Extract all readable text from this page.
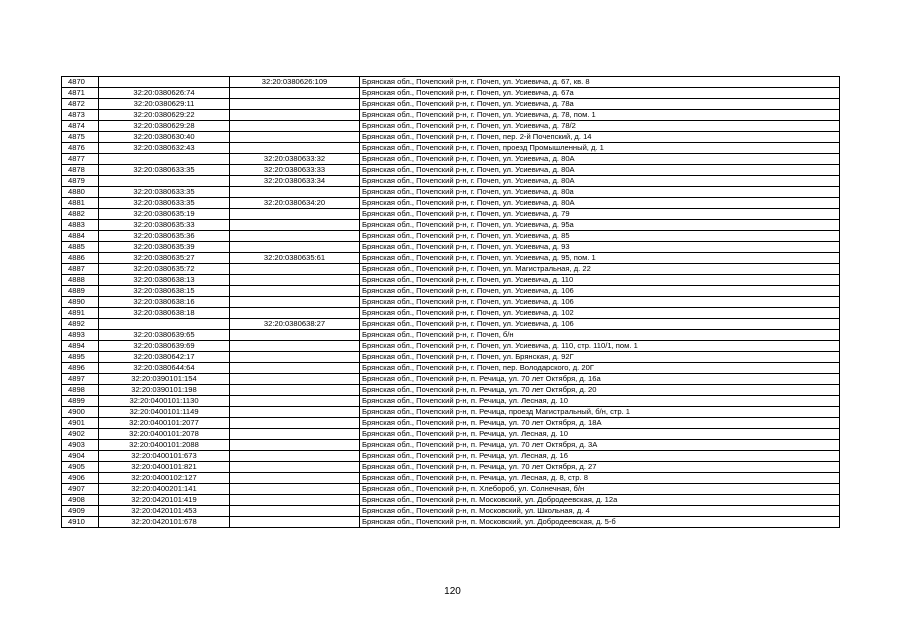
4870		32:20:0380626:109	Брянская обл., Почепский р-н, г. Почеп, ул. Усиевича, д. 67, кв. 8
4871	32:20:0380626:74		Брянская обл., Почепский р-н, г. Почеп, ул. Усиевича, д. 67а
4872	32:20:0380629:11		Брянская обл., Почепский р-н, г. Почеп, ул. Усиевича, д. 78а
4873	32:20:0380629:22		Брянская обл., Почепский р-н, г. Почеп, ул. Усиевича, д. 78, пом. 1
4874	32:20:0380629:28		Брянская обл., Почепский р-н, г. Почеп, ул. Усиевича, д. 78/2
4875	32:20:0380630:40		Брянская обл., Почепский р-н, г. Почеп, пер. 2-й Почепский, д. 14
4876	32:20:0380632:43		Брянская обл., Почепский р-н, г. Почеп, проезд Промышленный, д. 1
4877		32:20:0380633:32	Брянская обл., Почепский р-н, г. Почеп, ул. Усиевича, д. 80А
4878	32:20:0380633:35	32:20:0380633:33	Брянская обл., Почепский р-н, г. Почеп, ул. Усиевича, д. 80А
4879		32:20:0380633:34	Брянская обл., Почепский р-н, г. Почеп, ул. Усиевича, д. 80А
4880	32:20:0380633:35		Брянская обл., Почепский р-н, г. Почеп, ул. Усиевича, д. 80а
4881	32:20:0380633:35	32:20:0380634:20	Брянская обл., Почепский р-н, г. Почеп, ул. Усиевича, д. 80А
4882	32:20:0380635:19		Брянская обл., Почепский р-н, г. Почеп, ул. Усиевича, д. 79
4883	32:20:0380635:33		Брянская обл., Почепский р-н, г. Почеп, ул. Усиевича, д. 95а
4884	32:20:0380635:36		Брянская обл., Почепский р-н, г. Почеп, ул. Усиевича, д. 85
4885	32:20:0380635:39		Брянская обл., Почепский р-н, г. Почеп, ул. Усиевича, д. 93
4886	32:20:0380635:27	32:20:0380635:61	Брянская обл., Почепский р-н, г. Почеп, ул. Усиевича, д. 95, пом. 1
4887	32:20:0380635:72		Брянская обл., Почепский р-н, г. Почеп, ул. Магистральная, д. 22
4888	32:20:0380638:13		Брянская обл., Почепский р-н, г. Почеп, ул. Усиевича, д. 110
4889	32:20:0380638:15		Брянская обл., Почепский р-н, г. Почеп, ул. Усиевича, д. 106
4890	32:20:0380638:16		Брянская обл., Почепский р-н, г. Почеп, ул. Усиевича, д. 106
4891	32:20:0380638:18		Брянская обл., Почепский р-н, г. Почеп, ул. Усиевича, д. 102
4892		32:20:0380638:27	Брянская обл., Почепский р-н, г. Почеп, ул. Усиевича, д. 106
4893	32:20:0380639:65		Брянская обл., Почепский р-н, г. Почеп, б/н
4894	32:20:0380639:69		Брянская обл., Почепский р-н, г. Почеп, ул. Усиевича, д. 110, стр. 110/1, пом. 1
4895	32:20:0380642:17		Брянская обл., Почепский р-н, г. Почеп, ул. Брянская, д. 92Г
4896	32:20:0380644:64		Брянская обл., Почепский р-н, г. Почеп, пер. Володарского, д. 20Г
4897	32:20:0390101:154		Брянская обл., Почепский р-н, п. Речица, ул. 70 лет Октября, д. 16а
4898	32:20:0390101:198		Брянская обл., Почепский р-н, п. Речица, ул. 70 лет Октября, д. 20
4899	32:20:0400101:1130		Брянская обл., Почепский р-н, п. Речица, ул. Лесная, д. 10
4900	32:20:0400101:1149		Брянская обл., Почепский р-н, п. Речица, проезд Магистральный, б/н, стр. 1
4901	32:20:0400101:2077		Брянская обл., Почепский р-н, п. Речица, ул. 70 лет Октября, д. 18А
4902	32:20:0400101:2078		Брянская обл., Почепский р-н, п. Речица, ул. Лесная, д. 10
4903	32:20:0400101:2088		Брянская обл., Почепский р-н, п. Речица, ул. 70 лет Октября, д. 3А
4904	32:20:0400101:673		Брянская обл., Почепский р-н, п. Речица, ул. Лесная, д. 16
4905	32:20:0400101:821		Брянская обл., Почепский р-н, п. Речица, ул. 70 лет Октября, д. 27
4906	32:20:0400102:127		Брянская обл., Почепский р-н, п. Речица, ул. Лесная, д. 8, стр. 8
4907	32:20:0400201:141		Брянская обл., Почепский р-н, п. Хлебороб, ул. Солнечная, б/н
4908	32:20:0420101:419		Брянская обл., Почепский р-н, п. Московский, ул. Добродеевская, д. 12а
4909	32:20:0420101:453		Брянская обл., Почепский р-н, п. Московский, ул. Школьная, д. 4
4910	32:20:0420101:678		Брянская обл., Почепский р-н, п. Московский, ул. Добродеевская, д. 5-б
120
